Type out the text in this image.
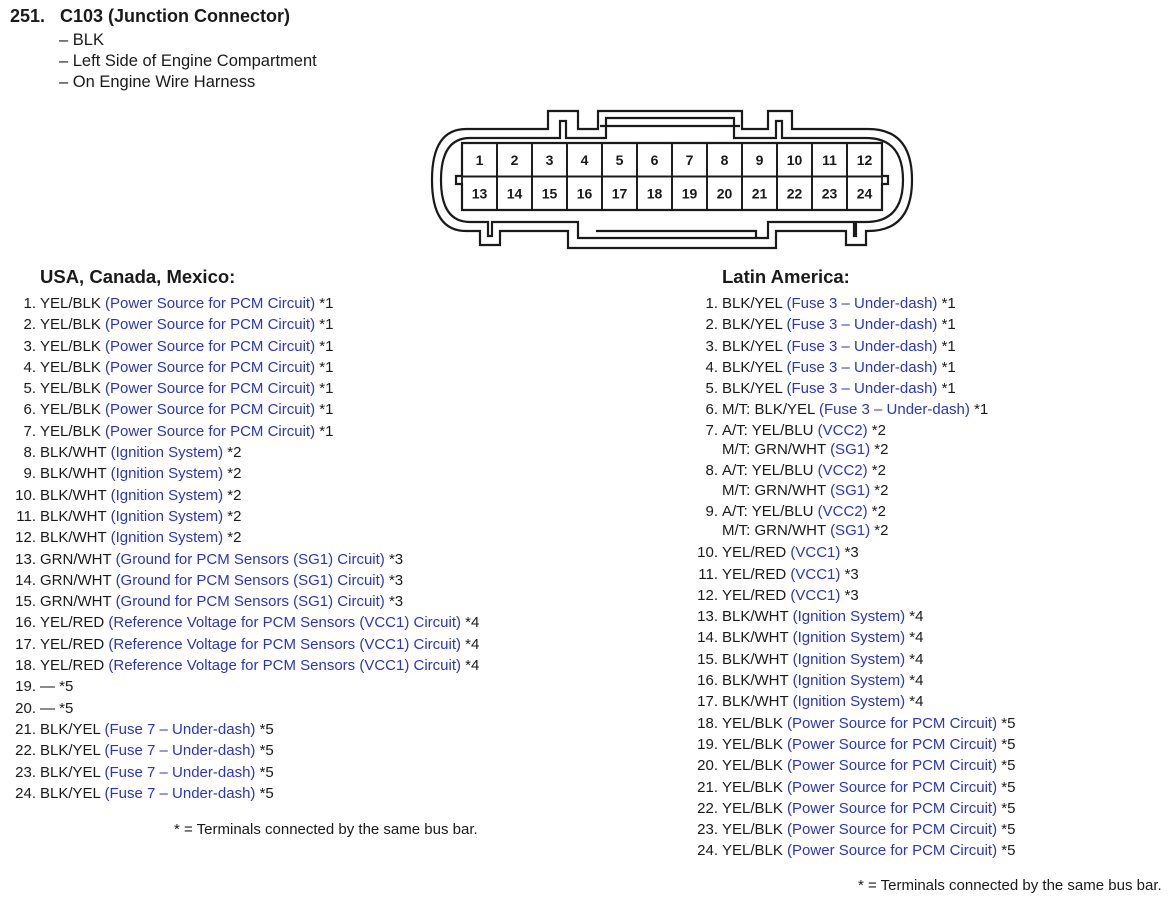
251. C103 (Junction Connector)
– BLK
– Left Side of Engine Compartment
– On Engine Wire Harness
1 2 3 4 5 6 7 8 9 10 11 12
13 14 15 16 17 18 19 20 21 22 23 24
USA, Canada, Mexico:
1. YEL/BLK (Power Source for PCM Circuit) *1
2. YEL/BLK (Power Source for PCM Circuit) *1
3. YEL/BLK (Power Source for PCM Circuit) *1
4. YEL/BLK (Power Source for PCM Circuit) *1
5. YEL/BLK (Power Source for PCM Circuit) *1
6. YEL/BLK (Power Source for PCM Circuit) *1
7. YEL/BLK (Power Source for PCM Circuit) *1
8. BLK/WHT (Ignition System) *2
9. BLK/WHT (Ignition System) *2
10. BLK/WHT (Ignition System) *2
11. BLK/WHT (Ignition System) *2
12. BLK/WHT (Ignition System) *2
13. GRN/WHT (Ground for PCM Sensors (SG1) Circuit) *3
14. GRN/WHT (Ground for PCM Sensors (SG1) Circuit) *3
15. GRN/WHT (Ground for PCM Sensors (SG1) Circuit) *3
16. YEL/RED (Reference Voltage for PCM Sensors (VCC1) Circuit) *4
17. YEL/RED (Reference Voltage for PCM Sensors (VCC1) Circuit) *4
18. YEL/RED (Reference Voltage for PCM Sensors (VCC1) Circuit) *4
19. — *5
20. — *5
21. BLK/YEL (Fuse 7 – Under-dash) *5
22. BLK/YEL (Fuse 7 – Under-dash) *5
23. BLK/YEL (Fuse 7 – Under-dash) *5
24. BLK/YEL (Fuse 7 – Under-dash) *5
* = Terminals connected by the same bus bar.
Latin America:
1. BLK/YEL (Fuse 3 – Under-dash) *1
2. BLK/YEL (Fuse 3 – Under-dash) *1
3. BLK/YEL (Fuse 3 – Under-dash) *1
4. BLK/YEL (Fuse 3 – Under-dash) *1
5. BLK/YEL (Fuse 3 – Under-dash) *1
6. M/T: BLK/YEL (Fuse 3 – Under-dash) *1
7. A/T: YEL/BLU (VCC2) *2
M/T: GRN/WHT (SG1) *2
8. A/T: YEL/BLU (VCC2) *2
M/T: GRN/WHT (SG1) *2
9. A/T: YEL/BLU (VCC2) *2
M/T: GRN/WHT (SG1) *2
10. YEL/RED (VCC1) *3
11. YEL/RED (VCC1) *3
12. YEL/RED (VCC1) *3
13. BLK/WHT (Ignition System) *4
14. BLK/WHT (Ignition System) *4
15. BLK/WHT (Ignition System) *4
16. BLK/WHT (Ignition System) *4
17. BLK/WHT (Ignition System) *4
18. YEL/BLK (Power Source for PCM Circuit) *5
19. YEL/BLK (Power Source for PCM Circuit) *5
20. YEL/BLK (Power Source for PCM Circuit) *5
21. YEL/BLK (Power Source for PCM Circuit) *5
22. YEL/BLK (Power Source for PCM Circuit) *5
23. YEL/BLK (Power Source for PCM Circuit) *5
24. YEL/BLK (Power Source for PCM Circuit) *5
* = Terminals connected by the same bus bar.
